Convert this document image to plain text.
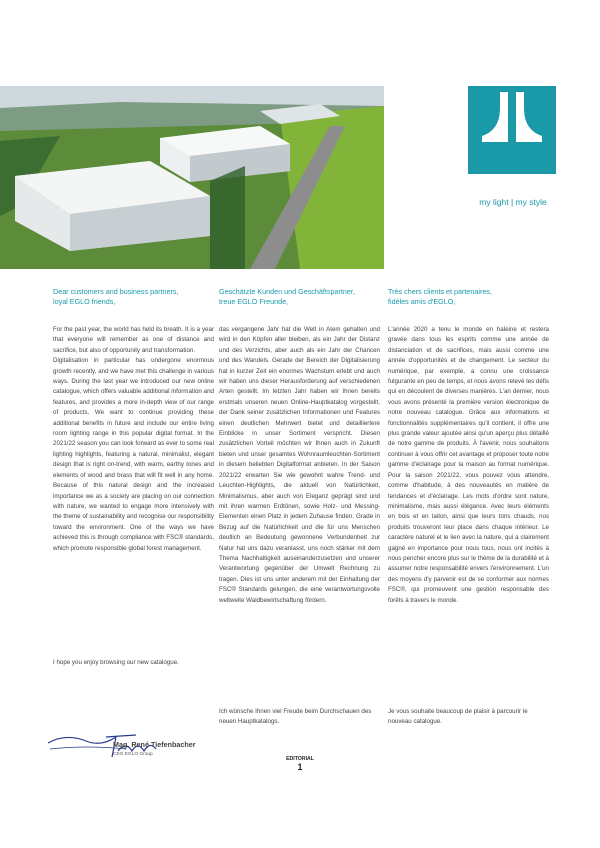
EGLO
my light | my style
Dear customers and business partners,
loyal EGLO friends,

For the past year, the world has held its breath. It is a year that everyone will remember as one of distance and sacrifice, but also of opportunity and transformation.

Digitalisation in particular has undergone enormous growth recently, and we have met this challenge in various ways. During the last year we introduced our new online catalogue, which offers valuable additional information and features, and provides a more in-depth view of our range of products. We want to continue providing these additional benefits in future and include our entire living room lighting range in this popular digital format. In the 2021/22 season you can look forward as ever to some real lighting highlights, featuring a natural, minimalist, elegant design that is right on-trend, with warm, earthy tones and elements of wood and brass that will fit well in any home. Because of this natural design and the increased importance we as a society are placing on our connection with nature, we wanted to engage more intensively with the theme of sustainability and recognise our responsibility toward the environment. One of the ways we have achieved this is through compliance with FSC® standards, which promote responsible global forest management.

I hope you enjoy browsing our new catalogue.
Geschätzte Kunden und Geschäftspartner,
treue EGLO Freunde,

das vergangene Jahr hat die Welt in Atem gehalten und wird in den Köpfen aller bleiben, als ein Jahr der Distanz und des Verzichts, aber auch als ein Jahr der Chancen und des Wandels. Gerade der Bereich der Digitalisierung hat in kurzer Zeit ein enormes Wachstum erlebt und auch wir haben uns dieser Herausforderung auf verschiedenen Arten gestellt. Im letzten Jahr haben wir Ihnen bereits erstmals unseren neuen Online-Hauptkatalog vorgestellt, der Dank seiner zusätzlichen Informationen und Features einen deutlichen Mehrwert bietet und detailliertere Einblicke in unser Sortiment verspricht. Diesen zusätzlichen Vorteil möchten wir Ihnen auch in Zukunft bieten und unser gesamtes Wohnraumleuchten-Sortiment in diesem beliebten Digitalformat anbieten. In der Saison 2021/22 erwarten Sie wie gewohnt wahre Trend- und Leuchten-Highlights, die aktuell von Natürlichkeit, Minimalismus, aber auch von Eleganz geprägt sind und mit ihren warmen Erdtönen, sowie Holz- und Messing-Elementen einen Platz in jedem Zuhause finden. Grade in Bezug auf die Natürlichkeit und die für uns Menschen deutlich an Bedeutung gewonnene Verbundenheit zur Natur hat uns dazu veranlasst, uns noch stärker mit dem Thema Nachhaltigkeit auseinanderzusetzen und unserer Verantwortung gegenüber der Umwelt Rechnung zu tragen. Dies ist uns unter anderem mit der Einhaltung der FSC® Standards gelungen, die eine verantwortungsvolle weltweite Waldbewirtschaftung fördern.

Ich wünsche Ihnen viel Freude beim Durchschauen des neuen Hauptkatalogs.
Très chers clients et partenaires,
fidèles amis d'EGLO,

L'année 2020 a tenu le monde en haleine et restera gravée dans tous les esprits comme une année de distanciation et de sacrifices, mais aussi comme une année d'opportunités et de changement. Le secteur du numérique, par exemple, a connu une croissance fulgurante en peu de temps, et nous avons relevé les défis qui en découlent de diverses manières. L'an dernier, nous vous avons présenté la première version électronique de notre nouveau catalogue. Grâce aux informations et fonctionnalités supplémentaires qu'il contient, il offre une plus grande valeur ajoutée ainsi qu'un aperçu plus détaillé de notre gamme de produits. À l'avenir, nous souhaitons continuer à vous offrir cet avantage et proposer toute notre gamme d'éclairage pour la maison au format numérique. Pour la saison 2021/22, vous pouvez vous attendre, comme d'habitude, à des nouveautés en matière de tendances et d'éclairage. Les mots d'ordre sont nature, minimalisme, mais aussi élégance. Avec leurs éléments en bois et en laiton, ainsi que leurs tons chauds, nos produits trouveront leur place dans chaque intérieur. Le caractère naturel et le lien avec la nature, qui a clairement gagné en importance pour nous tous, nous ont incités à nous pencher encore plus sur le thème de la durabilité et à assumer notre responsabilité envers l'environnement. L'un des moyens d'y parvenir est de se conformer aux normes FSC®, qui promeuvent une gestion responsable des forêts à travers le monde.

Je vous souhaite beaucoup de plaisir à parcourir le nouveau catalogue.
Mag. René Tiefenbacher
CEO EGLO Group
EDITORIAL
1
